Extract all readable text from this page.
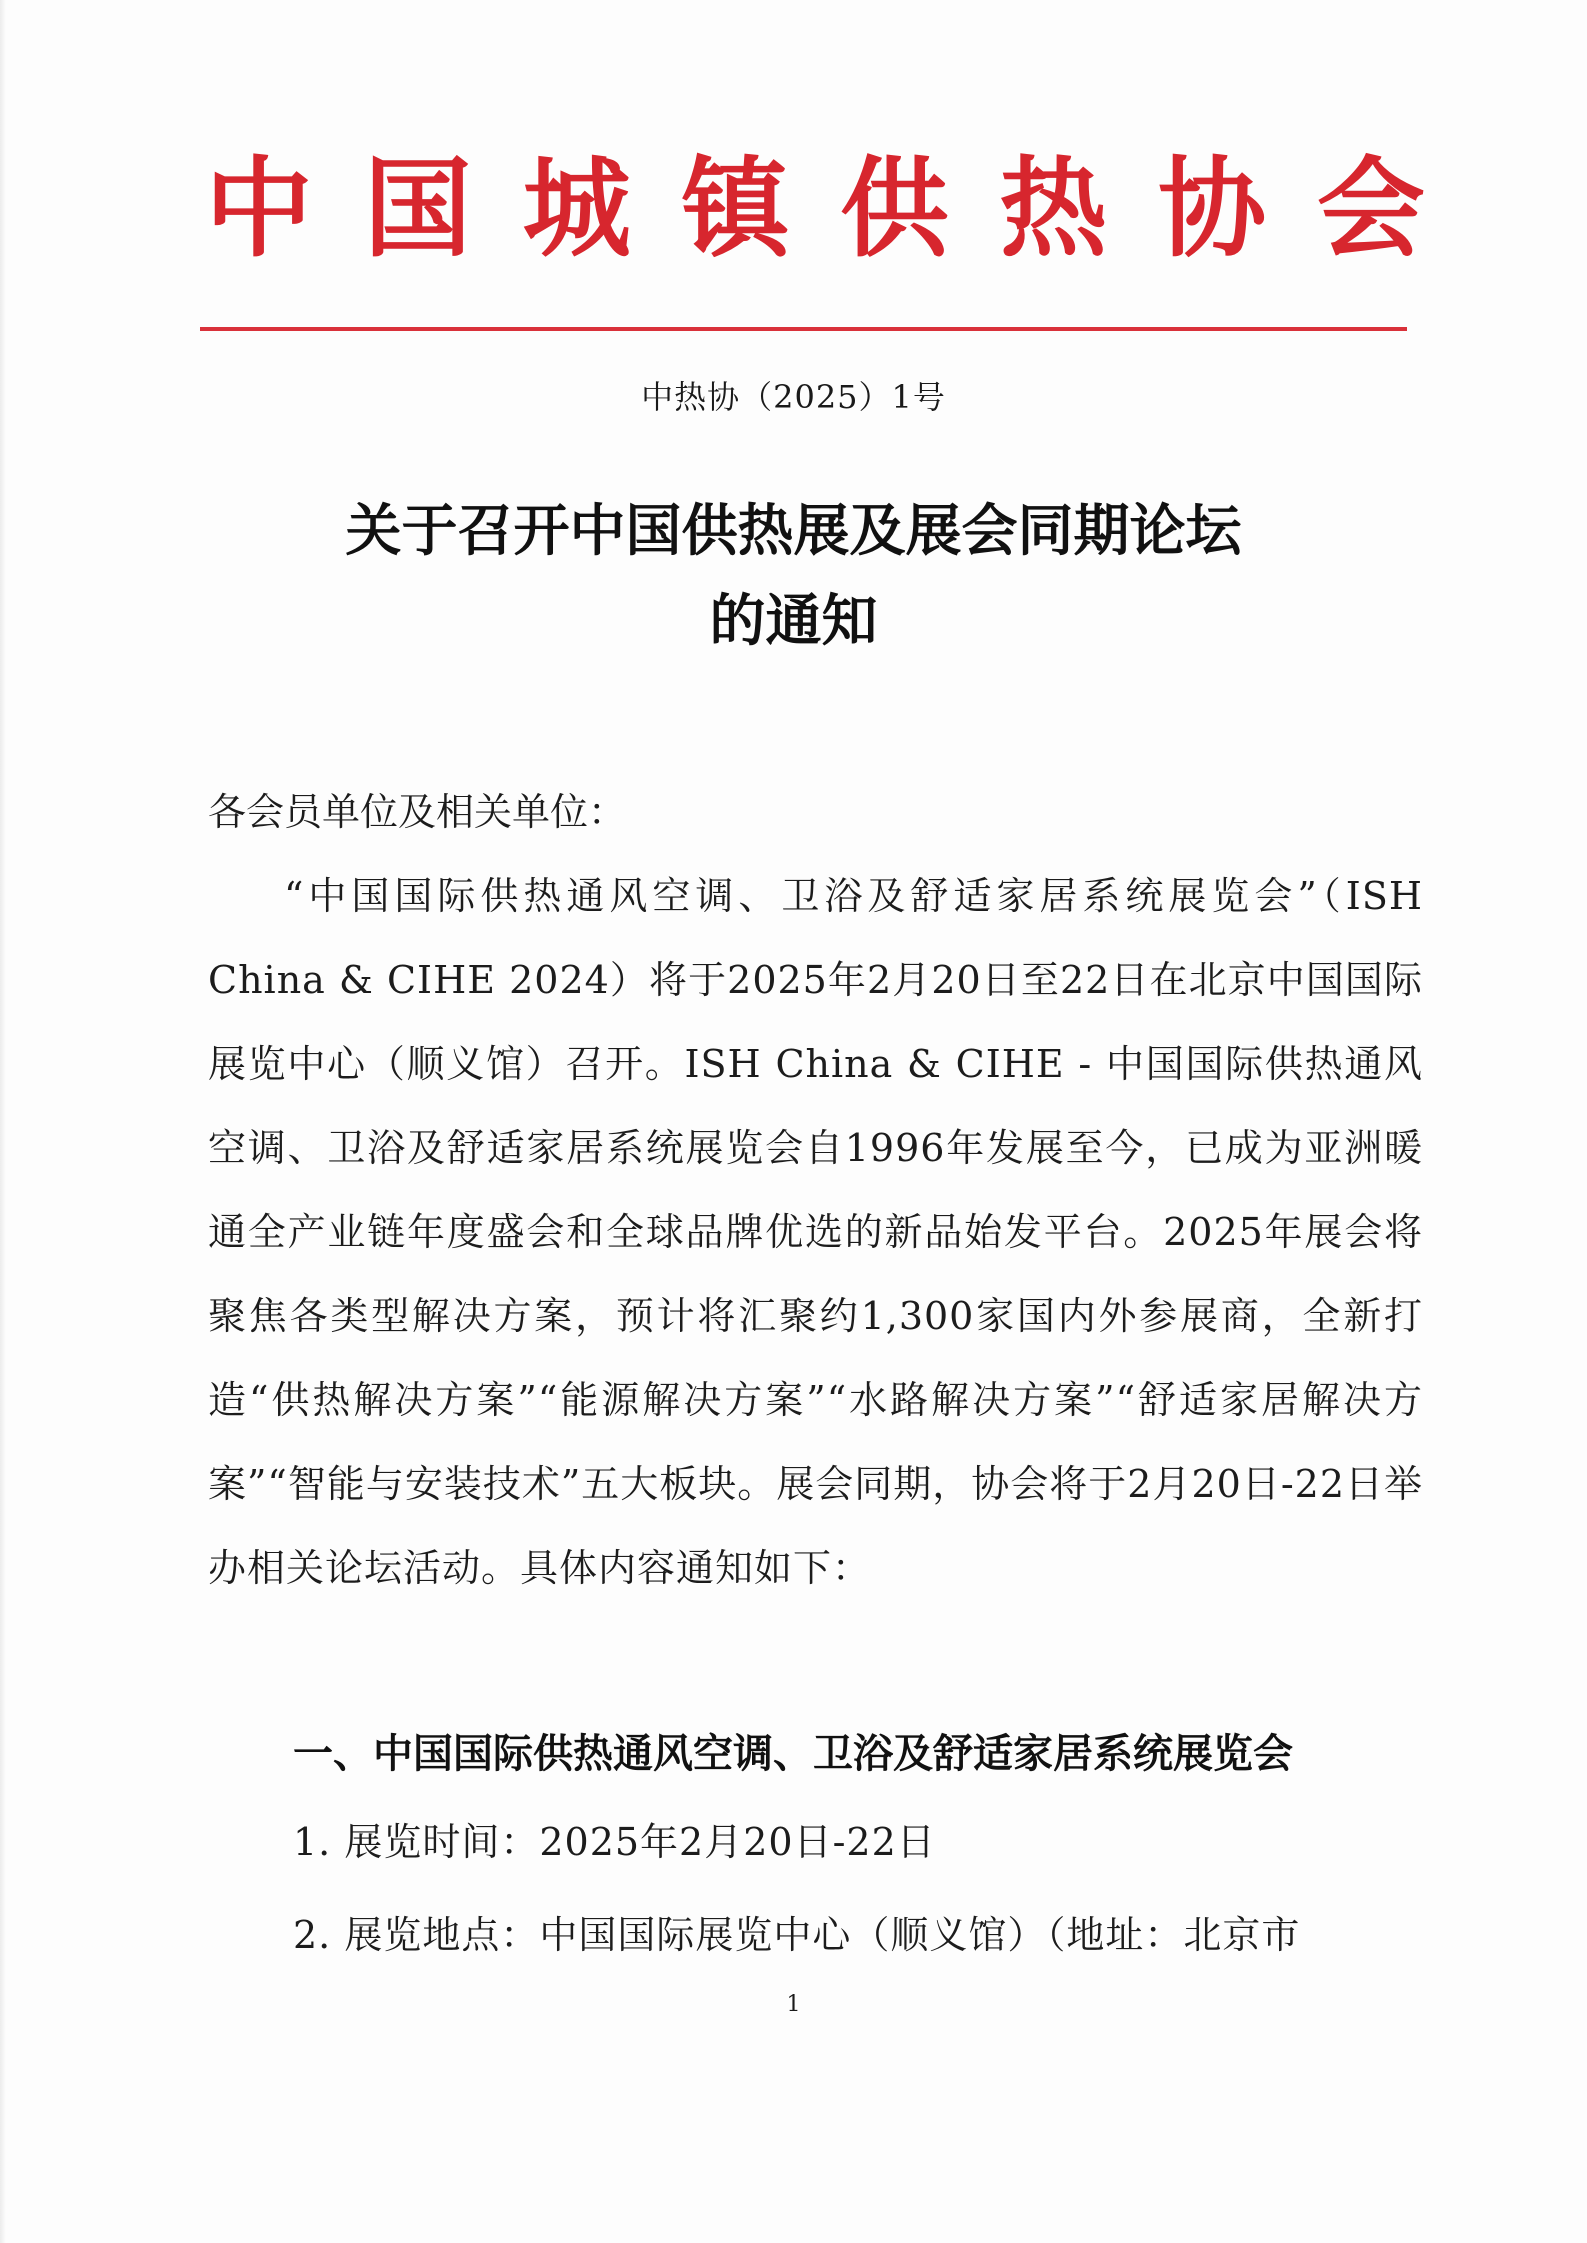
中 国 城 镇 供 热 协 会
中热协（2025）1号
关于召开中国供热展及展会同期论坛
的通知
各会员单位及相关单位：
“中国国际供热通风空调、卫浴及舒适家居系统展览会”（ISH China & CIHE 2024）将于2025年2月20日至22日在北京中国国际展览中心（顺义馆）召开。ISH China & CIHE - 中国国际供热通风空调、卫浴及舒适家居系统展览会自1996年发展至今，已成为亚洲暖通全产业链年度盛会和全球品牌优选的新品始发平台。2025年展会将聚焦各类型解决方案，预计将汇聚约1,300家国内外参展商，全新打造“供热解决方案”“能源解决方案”“水路解决方案”“舒适家居解决方案”“智能与安装技术”五大板块。展会同期，协会将于2月20日-22日举办相关论坛活动。具体内容通知如下：
一、中国国际供热通风空调、卫浴及舒适家居系统展览会
1. 展览时间：2025年2月20日-22日
2. 展览地点：中国国际展览中心（顺义馆）（地址：北京市
1
